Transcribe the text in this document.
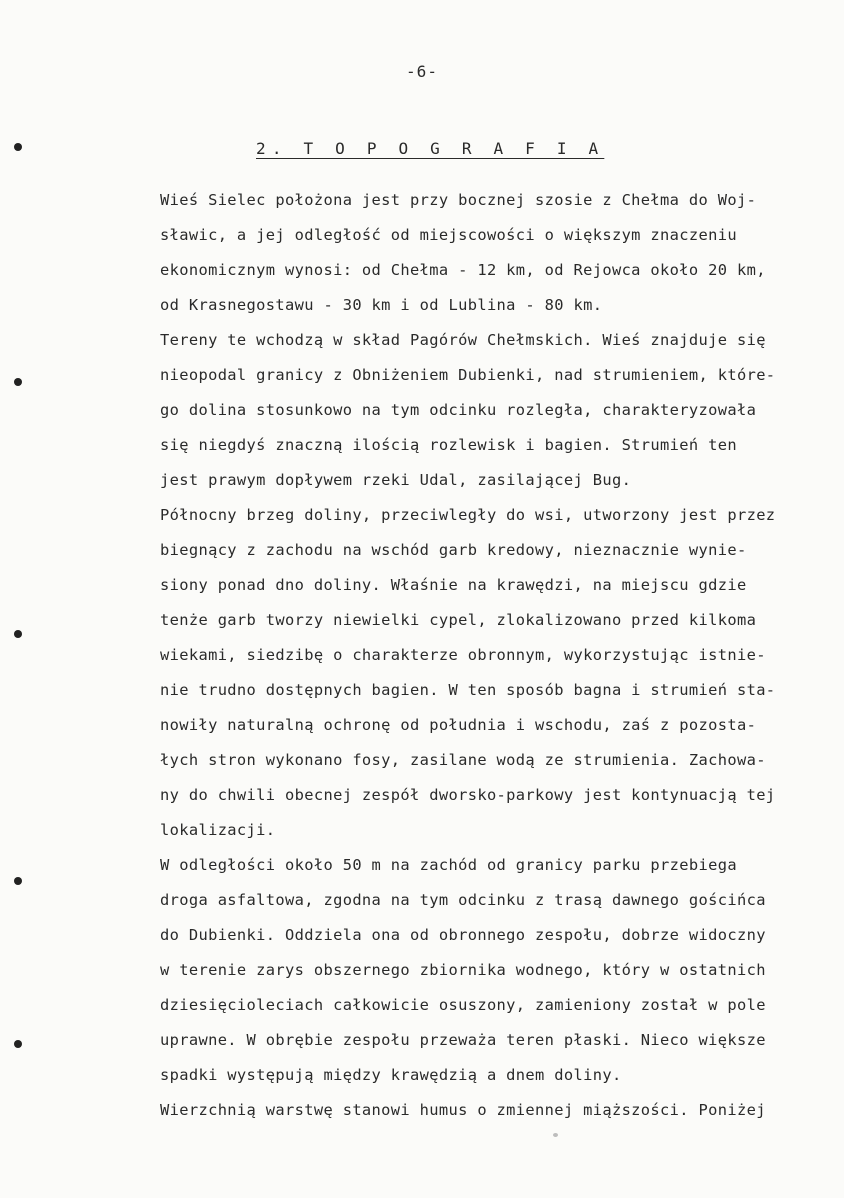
-6-
2. T O P O G R A F I A
Wieś Sielec położona jest przy bocznej szosie z Chełma do Woj-
sławic, a jej odległość od miejscowości o większym znaczeniu
ekonomicznym wynosi: od Chełma - 12 km, od Rejowca około 20 km,
od Krasnegostawu - 30 km i od Lublina - 80 km.
Tereny te wchodzą w skład Pagórów Chełmskich. Wieś znajduje się
nieopodal granicy z Obniżeniem Dubienki, nad strumieniem, które-
go dolina stosunkowo na tym odcinku rozległa, charakteryzowała
się niegdyś znaczną ilością rozlewisk i bagien. Strumień ten
jest prawym dopływem rzeki Udal, zasilającej Bug.
Północny brzeg doliny, przeciwległy do wsi, utworzony jest przez
biegnący z zachodu na wschód garb kredowy, nieznacznie wynie-
siony ponad dno doliny. Właśnie na krawędzi, na miejscu gdzie
tenże garb tworzy niewielki cypel, zlokalizowano przed kilkoma
wiekami, siedzibę o charakterze obronnym, wykorzystując istnie-
nie trudno dostępnych bagien. W ten sposób bagna i strumień sta-
nowiły naturalną ochronę od południa i wschodu, zaś z pozosta-
łych stron wykonano fosy, zasilane wodą ze strumienia. Zachowa-
ny do chwili obecnej zespół dworsko-parkowy jest kontynuacją tej
lokalizacji.
W odległości około 50 m na zachód od granicy parku przebiega
droga asfaltowa, zgodna na tym odcinku z trasą dawnego gościńca
do Dubienki. Oddziela ona od obronnego zespołu, dobrze widoczny
w terenie zarys obszernego zbiornika wodnego, który w ostatnich
dziesięcioleciach całkowicie osuszony, zamieniony został w pole
uprawne. W obrębie zespołu przeważa teren płaski. Nieco większe
spadki występują między krawędzią a dnem doliny.
Wierzchnią warstwę stanowi humus o zmiennej miąższości. Poniżej
